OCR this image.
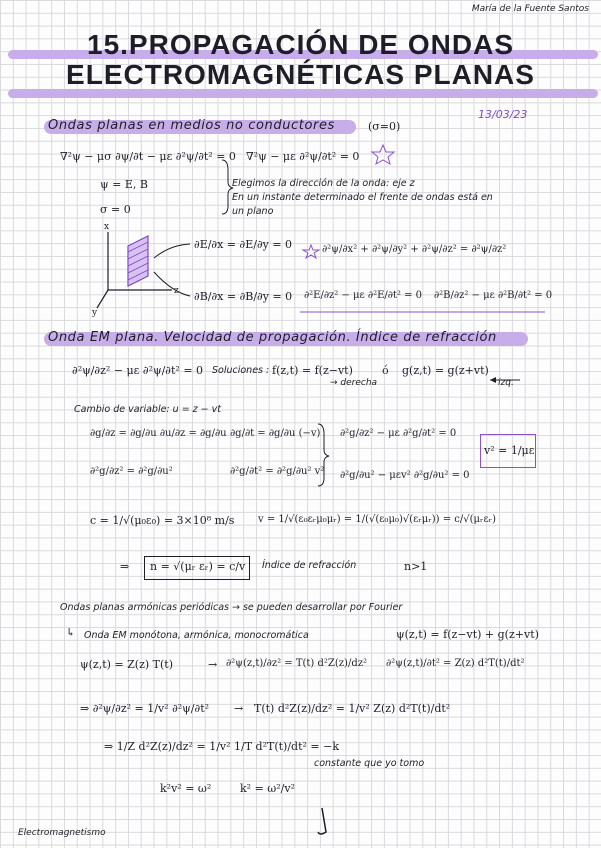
María de la Fuente Santos
15.PROPAGACIÓN DE ONDAS
ELECTROMAGNÉTICAS PLANAS
13/03/23
Ondas planas en medios no conductores	(σ=0)
∇²ψ − μσ ∂ψ/∂t − με ∂²ψ/∂t² = 0
ψ = E, B
σ = 0
∇²ψ − με ∂²ψ/∂t² = 0
Elegimos la dirección de la onda: eje z
En un instante determinado el frente de ondas está en
un plano
x
z
y
∂E/∂x = ∂E/∂y = 0
∂B/∂x = ∂B/∂y = 0
∂²ψ/∂x² + ∂²ψ/∂y² + ∂²ψ/∂z² = ∂²ψ/∂z²
∂²E/∂z² − με ∂²E/∂t² = 0 ∂²B/∂z² − με ∂²B/∂t² = 0
Onda EM plana. Velocidad de propagación. Índice de refracción
∂²ψ/∂z² − με ∂²ψ/∂t² = 0 Soluciones : f(z,t) = f(z−vt)
→ derecha
ó g(z,t) = g(z+vt)
izq.
Cambio de variable: u = z − vt
∂g/∂z = ∂g/∂u ∂u/∂z = ∂g/∂u ∂g/∂t = ∂g/∂u (−v)
∂²g/∂z² = ∂²g/∂u²	∂²g/∂t² = ∂²g/∂u² v²
∂²g/∂z² − με ∂²g/∂t² = 0
∂²g/∂u² − μεv² ∂²g/∂u² = 0
v² = 1/με
c = 1/√(μ₀ε₀) = 3×10⁸ m/s v = 1/√(ε₀εᵣμ₀μᵣ) = 1/(√(ε₀μ₀)√(εᵣμᵣ)) = c/√(μᵣεᵣ)
⇒ n = √(μᵣ εᵣ) = c/v Índice de refracción	n>1
Ondas planas armónicas periódicas → se pueden desarrollar por Fourier
↳ Onda EM monótona, armónica, monocromática	ψ(z,t) = f(z−vt) + g(z+vt)
ψ(z,t) = Z(z) T(t)	→ ∂²ψ(z,t)/∂z² = T(t) d²Z(z)/dz² ∂²ψ(z,t)/∂t² = Z(z) d²T(t)/dt²
⇒ ∂²ψ/∂z² = 1/v² ∂²ψ/∂t² → T(t) d²Z(z)/dz² = 1/v² Z(z) d²T(t)/dt²
⇒ 1/Z d²Z(z)/dz² = 1/v² 1/T d²T(t)/dt² = −k
constante que yo tomo
k²v² = ω²	k² = ω²/v²
Electromagnetismo
